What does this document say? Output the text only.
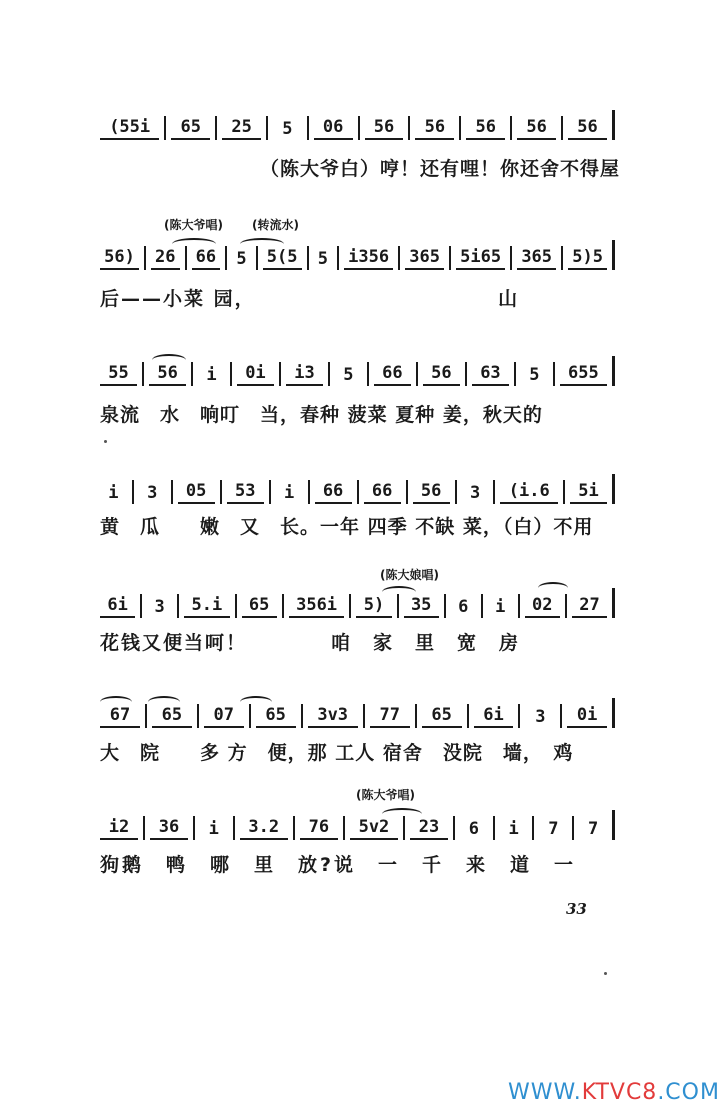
(55i	65	25	5	06	56	56	56	56	56
（陈大爷白）哼！还有哩！你还舍不得屋
(陈大爷唱) (转流水)
56) 26 66 5 5(5 5 i356 365 5i65 365 5)5
后——小菜 园，　　　　　　　　　　　　山
55	56	i	0i	i3	5	66	56	63	5	655
泉流　水　响叮　当，春种 菠菜 夏种 姜，秋天的
i	3	05	53	i	66	66	56	3	(i.6	5i
黄　瓜　　嫩　又　长。一年 四季 不缺 菜，（白）不用
(陈大娘唱)
6i	3	5.i	65	356i	5)	35	6	i	02	27
花钱又便当呵！　　　　咱　家　里　宽　房
67	65	07	65	3v3	77	65	6i	3	0i
大　院　　多 方　便，那 工人 宿舍　没院　墙，　鸡
(陈大爷唱)
i2	36	i	3.2	76	5v2	23	6	i	7	7
狗鹅　鸭　哪　里　放?说　一　千　来　道　一
33
WWW.KTVC8.COM
